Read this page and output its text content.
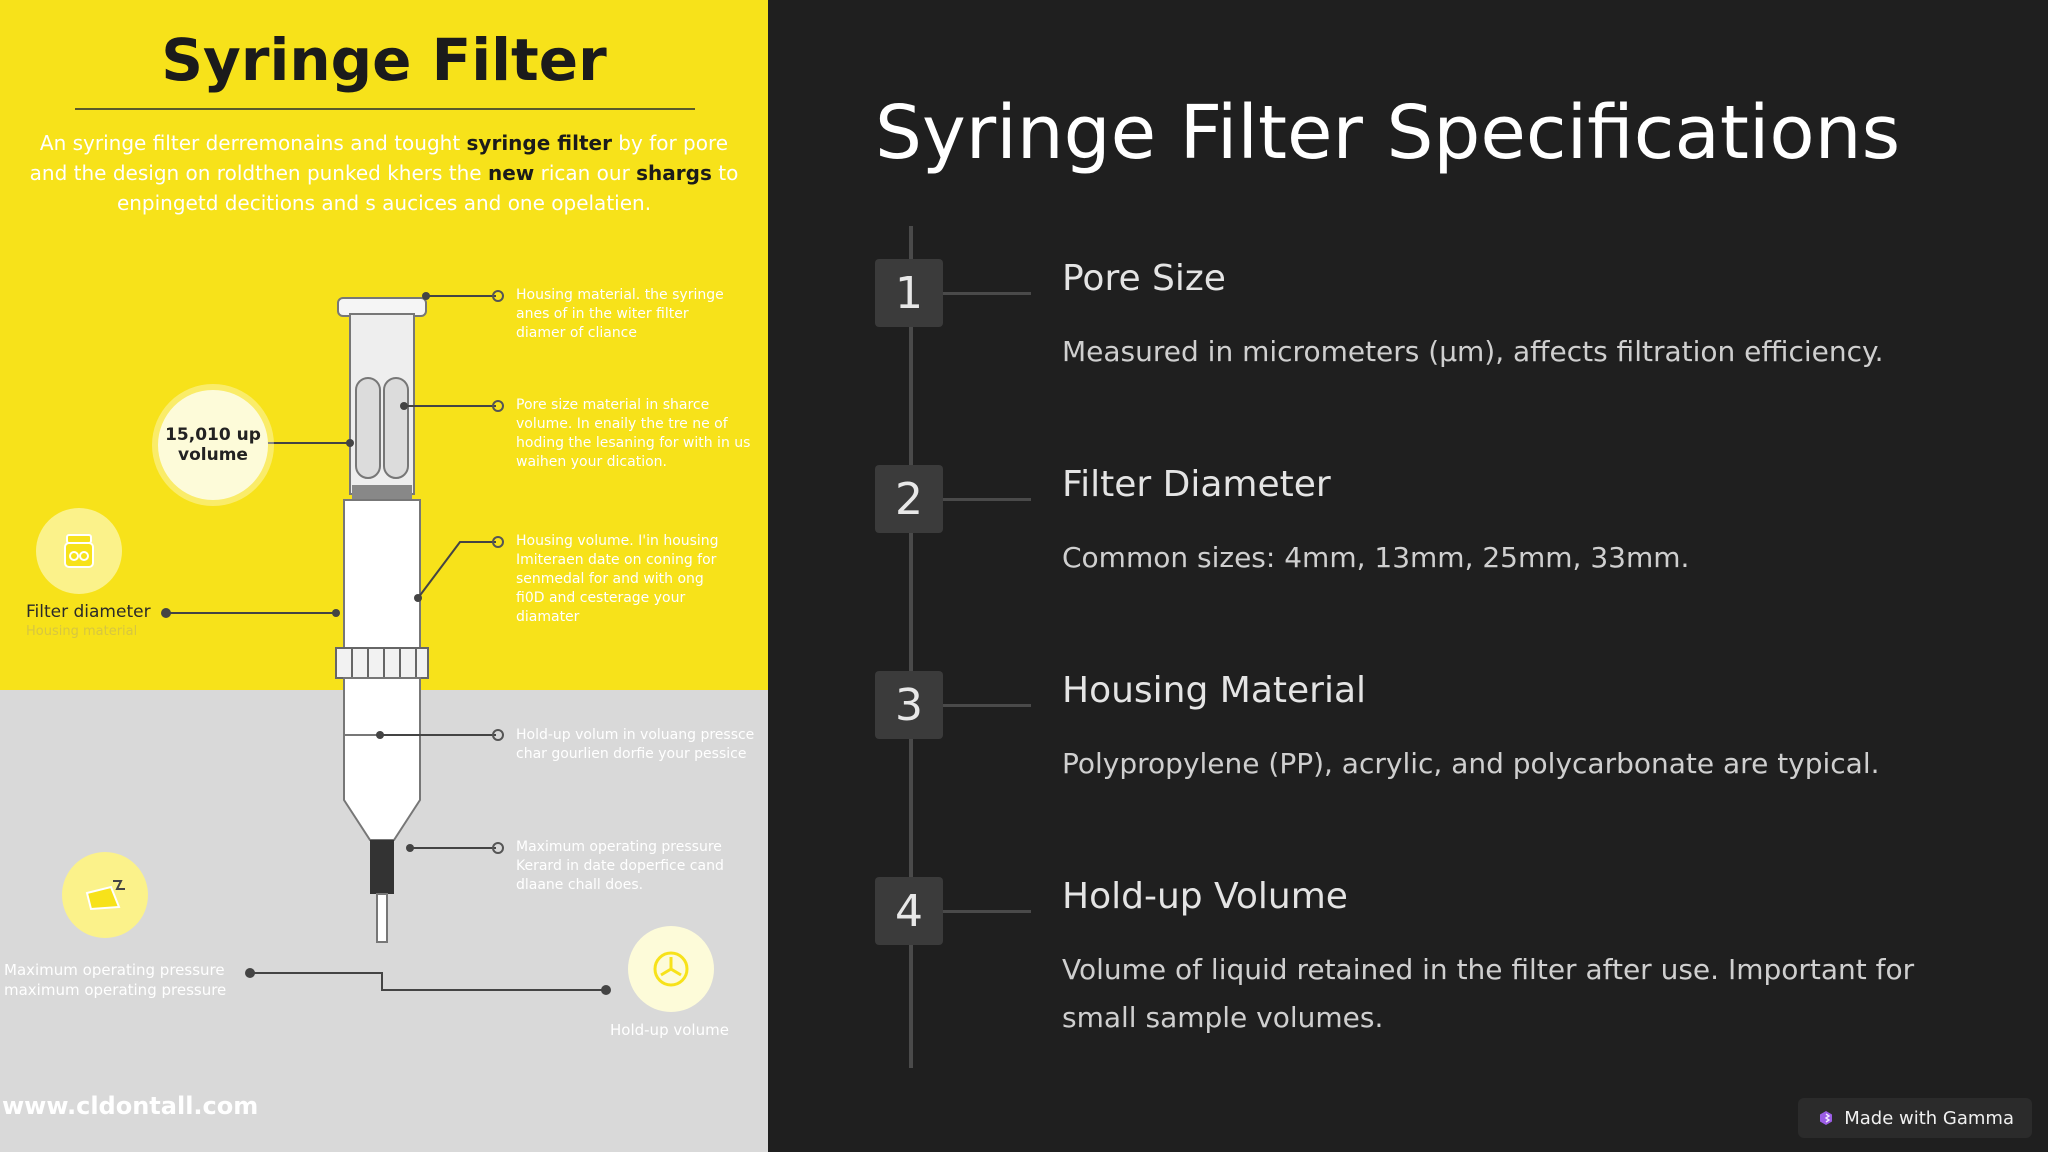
Syringe Filter
An syringe filter derremonains and tought syringe filter by for pore and the design on roldthen punked khers the new rican our shargs to enpingetd decitions and s aucices and one opelatien.
Housing material. the syringe anes of in the witer filter diamer of cliance
Pore size material in sharce volume. In enaily the tre ne of hoding the lesaning for with in us waihen your dication.
Housing volume. I'in housing Imiteraen date on coning for senmedal for and with ong fi0D and cesterage your diamater
Hold-up volum in voluang pressce char gourlien dorfie your pessice
Maximum operating pressure Kerard in date doperfice cand dlaane chall does.
15,010 up volume
Filter diameter
Housing material
Maximum operating pressure maximum operating pressure
Hold-up volume
www.cldontall.com
Syringe Filter Specifications
1	Pore Size
Measured in micrometers (μm), affects filtration efficiency.
2	Filter Diameter
Common sizes: 4mm, 13mm, 25mm, 33mm.
3	Housing Material
Polypropylene (PP), acrylic, and polycarbonate are typical.
4	Hold-up Volume
Volume of liquid retained in the filter after use. Important for small sample volumes.
Made with Gamma
